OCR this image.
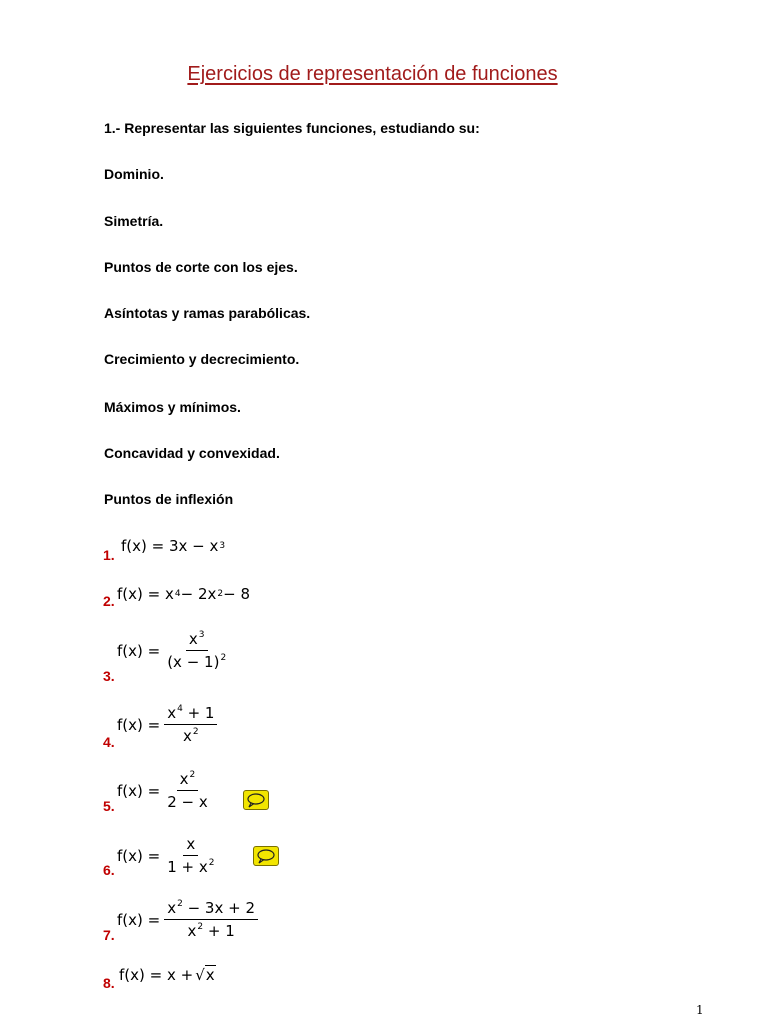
Ejercicios de representación de funciones
1.- Representar las siguientes funciones, estudiando su:
Dominio.
Simetría.
Puntos de corte con los ejes.
Asíntotas y ramas parabólicas.
Crecimiento y decrecimiento.
Máximos y mínimos.
Concavidad y convexidad.
Puntos de inflexión
1. f(x) =
3x − x 3
2. f(x) =
x 4 − 2x 2 − 8
3.
$f(x) = \frac{x^3}{(x - 1)^2}$
4.
$f(x) = \frac{x^4 + 1}{x^2}$
5.
$f(x) = \frac{x^2}{2 - x}$
6.
$f(x) = \frac{x}{1 + x^2}$
7.
$f(x) = \frac{x^2 - 3x + 2}{x^2 + 1}$
8. f(x) =
x + √ x
1
